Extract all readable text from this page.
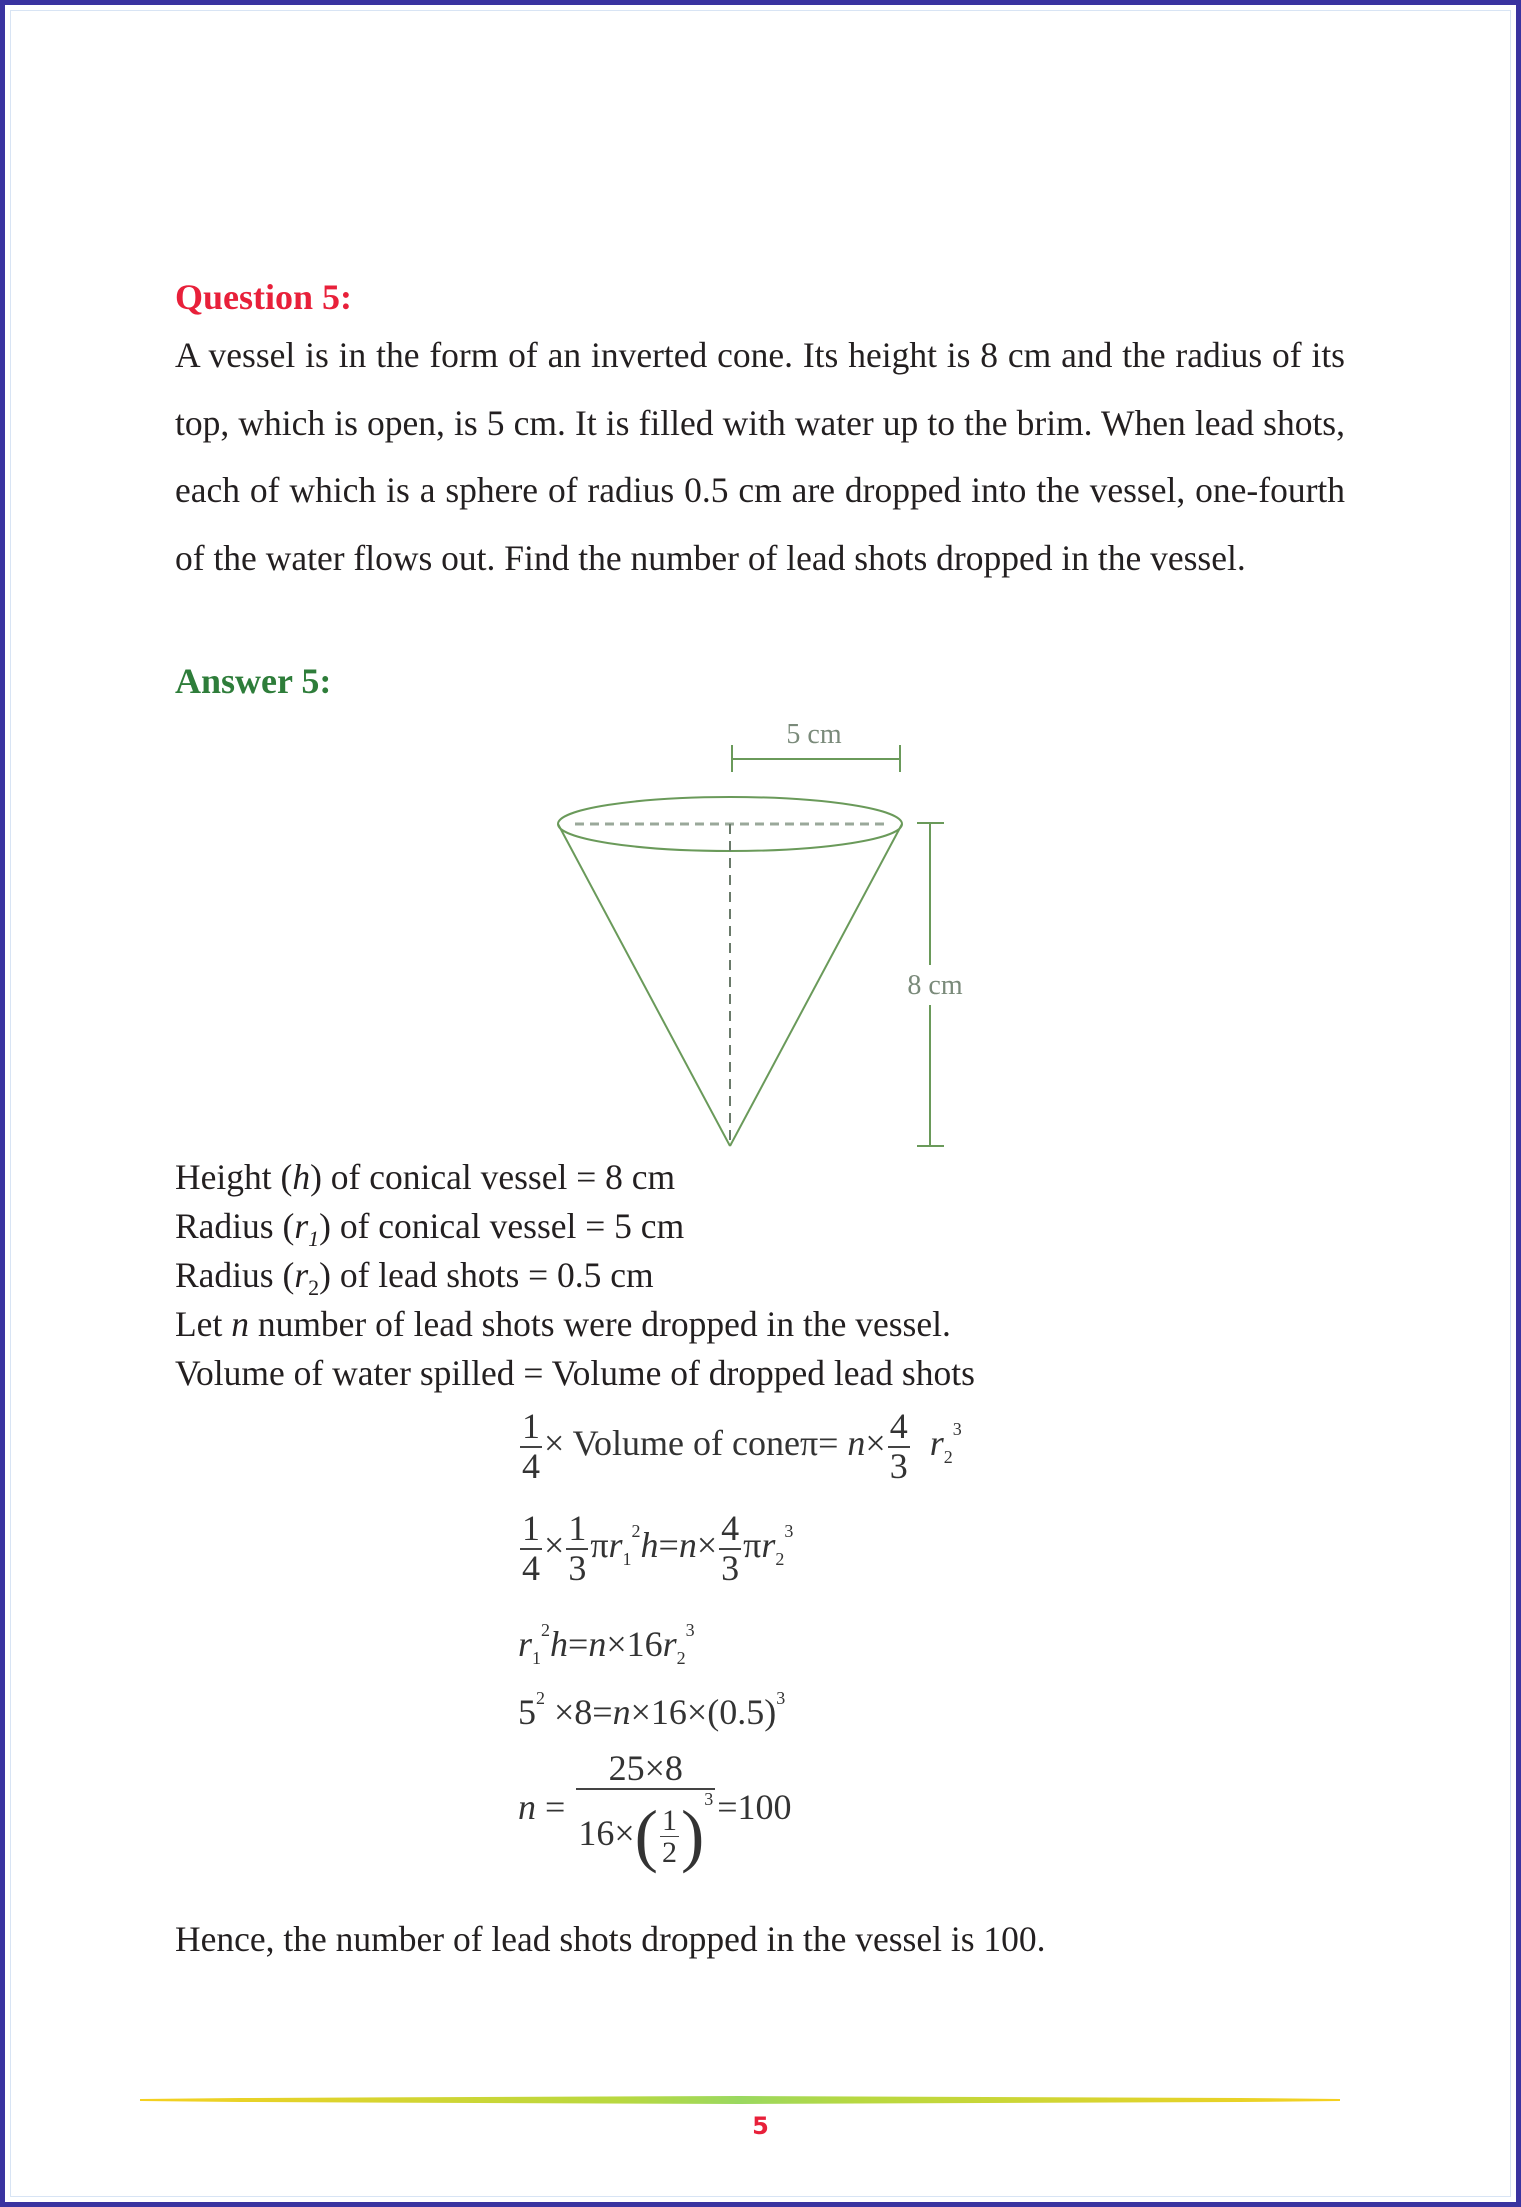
Question 5:
A vessel is in the form of an inverted cone. Its height is 8 cm and the radius of its top, which is open, is 5 cm. It is filled with water up to the brim. When lead shots, each of which is a sphere of radius 0.5 cm are dropped into the vessel, one-fourth of the water flows out. Find the number of lead shots dropped in the vessel.
Answer 5:
5 cm
8 cm
Height (h) of conical vessel = 8 cm
Radius $(r_1)$ of conical vessel = 5 cm
Radius $(r_2)$ of lead shots = 0.5 cm
Let n number of lead shots were dropped in the vessel.
Volume of water spilled = Volume of dropped lead shots
$\frac{1}{4}$ × Volume of coneπ= $n\times \frac{4}{3} r_2^3$
$\frac{1}{4} \times \frac{1}{3} \pi r_1^2h=n\times \frac{4}{3} \pi r_2^3$
$r_1^2h=n\times 16r_2^3$
$5^2 \times 8=n\times 16\times(0.5)^3$
$n = \frac{25\times 8}{16\times( \frac{1}{2} )^3} =100$
Hence, the number of lead shots dropped in the vessel is 100.
5
